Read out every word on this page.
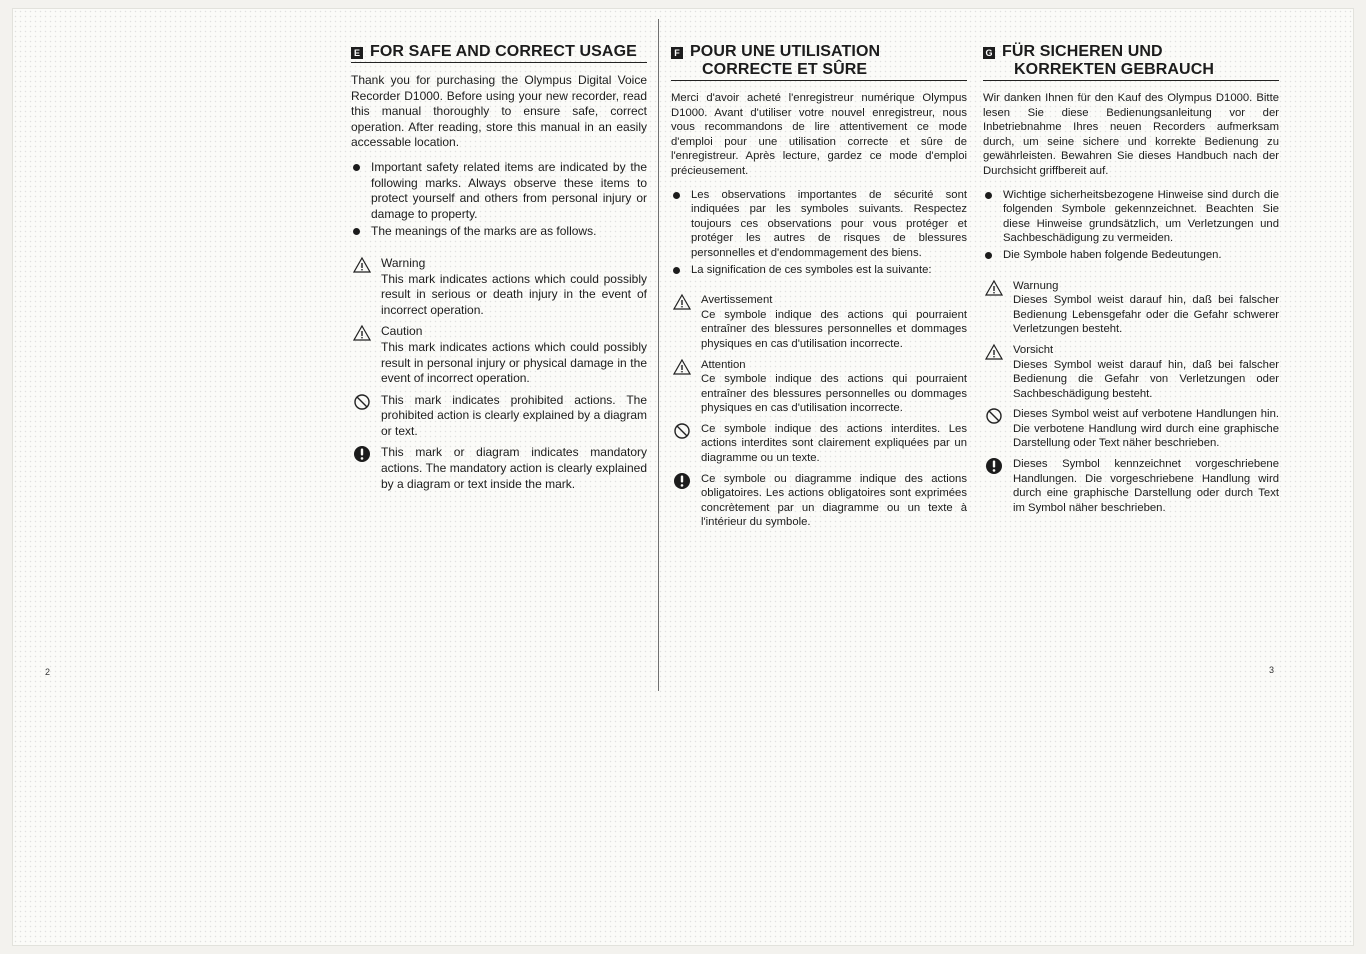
E FOR SAFE AND CORRECT USAGE

Thank you for purchasing the Olympus Digital Voice Recorder D1000. Before using your new recorder, read this manual thoroughly to ensure safe, correct operation. After reading, store this manual in an easily accessable location.

Important safety related items are indicated by the following marks. Always observe these items to protect yourself and others from personal injury or damage to property.
The meanings of the marks are as follows.
Warning
This mark indicates actions which could possibly result in serious or death injury in the event of incorrect operation.
Caution
This mark indicates actions which could possibly result in personal injury or physical damage in the event of incorrect operation.
This mark indicates prohibited actions. The prohibited action is clearly explained by a diagram or text.
This mark or diagram indicates mandatory actions. The mandatory action is clearly explained by a diagram or text inside the mark.
F POUR UNE UTILISATION
CORRECTE ET SÛRE

Merci d'avoir acheté l'enregistreur numérique Olympus D1000. Avant d'utiliser votre nouvel enregistreur, nous vous recommandons de lire attentivement ce mode d'emploi pour une utilisation correcte et sûre de l'enregistreur. Après lecture, gardez ce mode d'emploi précieusement.

Les observations importantes de sécurité sont indiquées par les symboles suivants. Respectez toujours ces observations pour vous protéger et protéger les autres de risques de blessures personnelles et d'endommagement des biens.
La signification de ces symboles est la suivante:
Avertissement
Ce symbole indique des actions qui pourraient entraîner des blessures personnelles et dommages physiques en cas d'utilisation incorrecte.
Attention
Ce symbole indique des actions qui pourraient entraîner des blessures personnelles ou dommages physiques en cas d'utilisation incorrecte.
Ce symbole indique des actions interdites. Les actions interdites sont clairement expliquées par un diagramme ou un texte.
Ce symbole ou diagramme indique des actions obligatoires. Les actions obligatoires sont exprimées concrètement par un diagramme ou un texte à l'intérieur du symbole.
G FÜR SICHEREN UND
KORREKTEN GEBRAUCH

Wir danken Ihnen für den Kauf des Olympus D1000. Bitte lesen Sie diese Bedienungsanleitung vor der Inbetriebnahme Ihres neuen Recorders aufmerksam durch, um seine sichere und korrekte Bedienung zu gewährleisten. Bewahren Sie dieses Handbuch nach der Durchsicht griffbereit auf.

Wichtige sicherheitsbezogene Hinweise sind durch die folgenden Symbole gekennzeichnet. Beachten Sie diese Hinweise grundsätzlich, um Verletzungen und Sachbeschädigung zu vermeiden.
Die Symbole haben folgende Bedeutungen.
Warnung
Dieses Symbol weist darauf hin, daß bei falscher Bedienung Lebensgefahr oder die Gefahr schwerer Verletzungen besteht.
Vorsicht
Dieses Symbol weist darauf hin, daß bei falscher Bedienung die Gefahr von Verletzungen oder Sachbeschädigung besteht.
Dieses Symbol weist auf verbotene Handlungen hin. Die verbotene Handlung wird durch eine graphische Darstellung oder Text näher beschrieben.
Dieses Symbol kennzeichnet vorgeschriebene Handlungen. Die vorgeschriebene Handlung wird durch eine graphische Darstellung oder durch Text im Symbol näher beschrieben.
2	3
